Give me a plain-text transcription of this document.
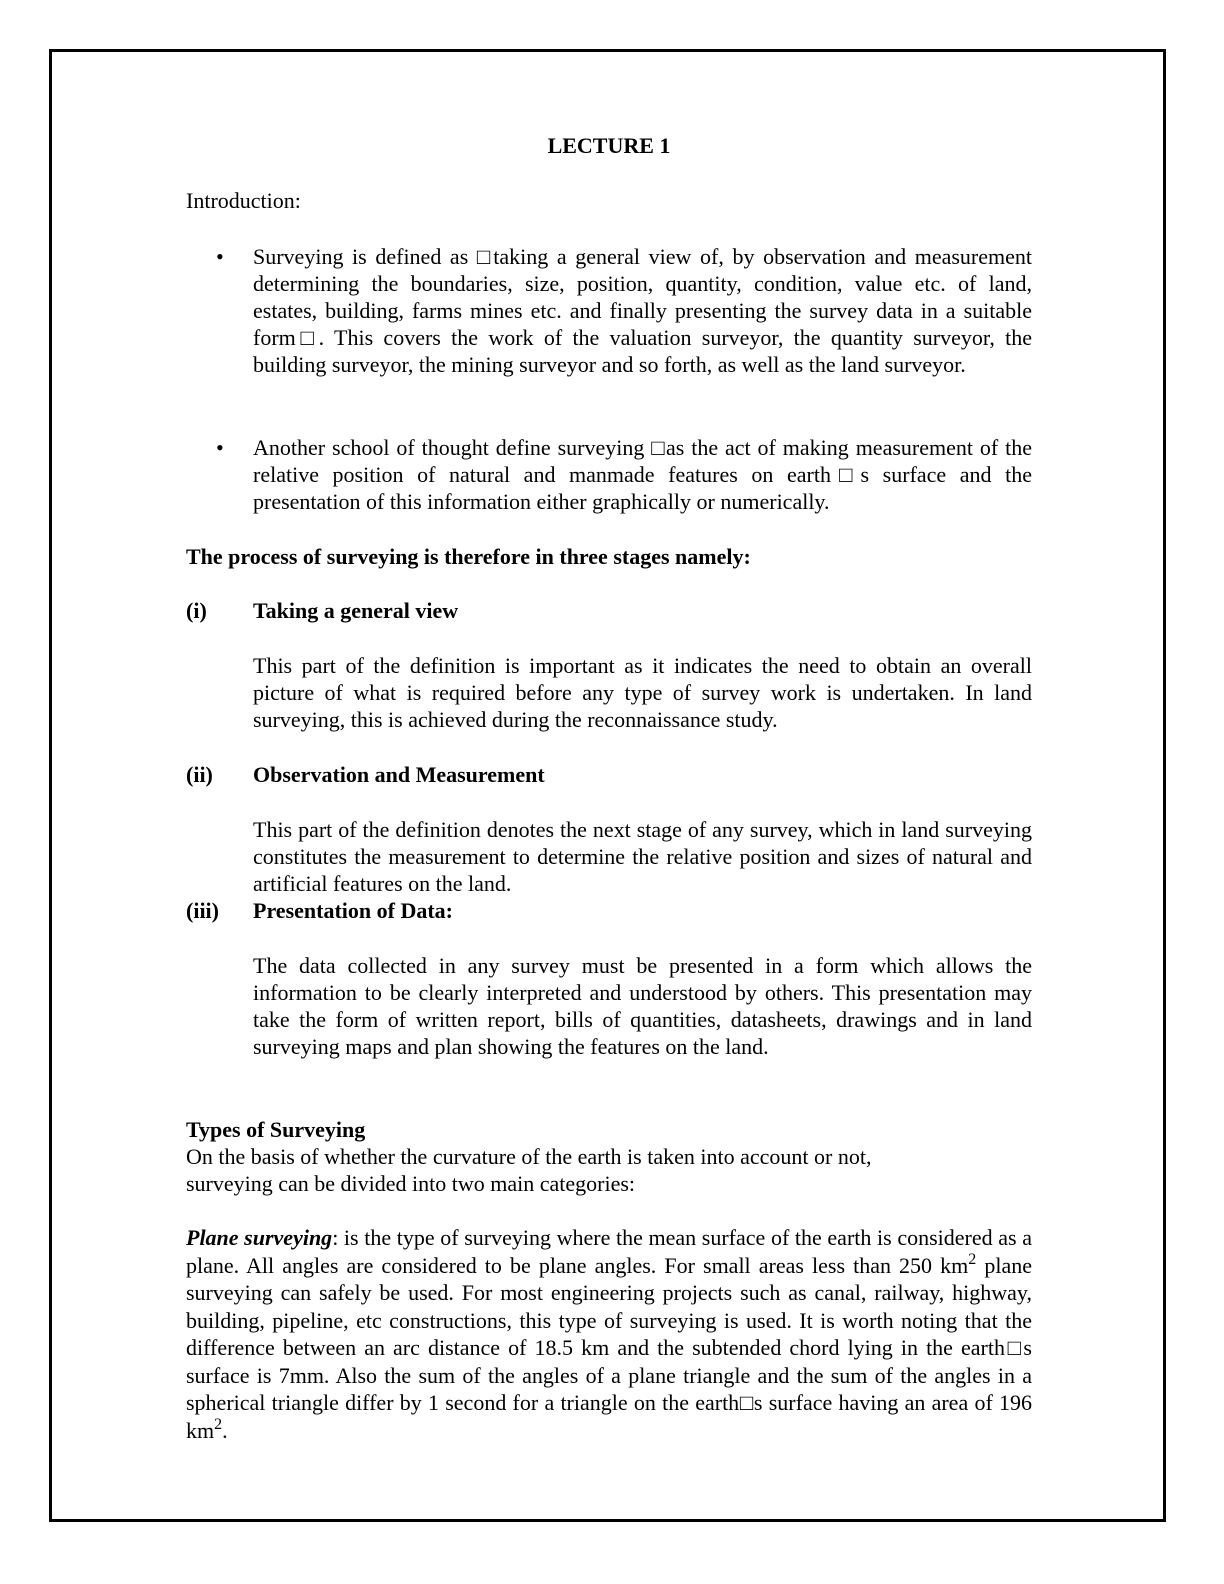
LECTURE 1

Introduction:

• Surveying is defined as □taking a general view of, by observation and measurement determining the boundaries, size, position, quantity, condition, value etc. of land, estates, building, farms mines etc. and finally presenting the survey data in a suitable form□. This covers the work of the valuation surveyor, the quantity surveyor, the building surveyor, the mining surveyor and so forth, as well as the land surveyor.

• Another school of thought define surveying □as the act of making measurement of the relative position of natural and manmade features on earth□s surface and the presentation of this information either graphically or numerically.

The process of surveying is therefore in three stages namely:

(i) Taking a general view

This part of the definition is important as it indicates the need to obtain an overall picture of what is required before any type of survey work is undertaken. In land surveying, this is achieved during the reconnaissance study.

(ii) Observation and Measurement

This part of the definition denotes the next stage of any survey, which in land surveying constitutes the measurement to determine the relative position and sizes of natural and artificial features on the land.

(iii) Presentation of Data:

The data collected in any survey must be presented in a form which allows the information to be clearly interpreted and understood by others. This presentation may take the form of written report, bills of quantities, datasheets, drawings and in land surveying maps and plan showing the features on the land.

Types of Surveying

On the basis of whether the curvature of the earth is taken into account or not,

surveying can be divided into two main categories:

Plane surveying: is the type of surveying where the mean surface of the earth is considered as a plane. All angles are considered to be plane angles. For small areas less than 250 $km^2$ plane surveying can safely be used. For most engineering projects such as canal, railway, highway, building, pipeline, etc constructions, this type of surveying is used. It is worth noting that the difference between an arc distance of 18.5 km and the subtended chord lying in the earth□s surface is 7mm. Also the sum of the angles of a plane triangle and the sum of the angles in a spherical triangle differ by 1 second for a triangle on the earth□s surface having an area of 196 $km^2$.
